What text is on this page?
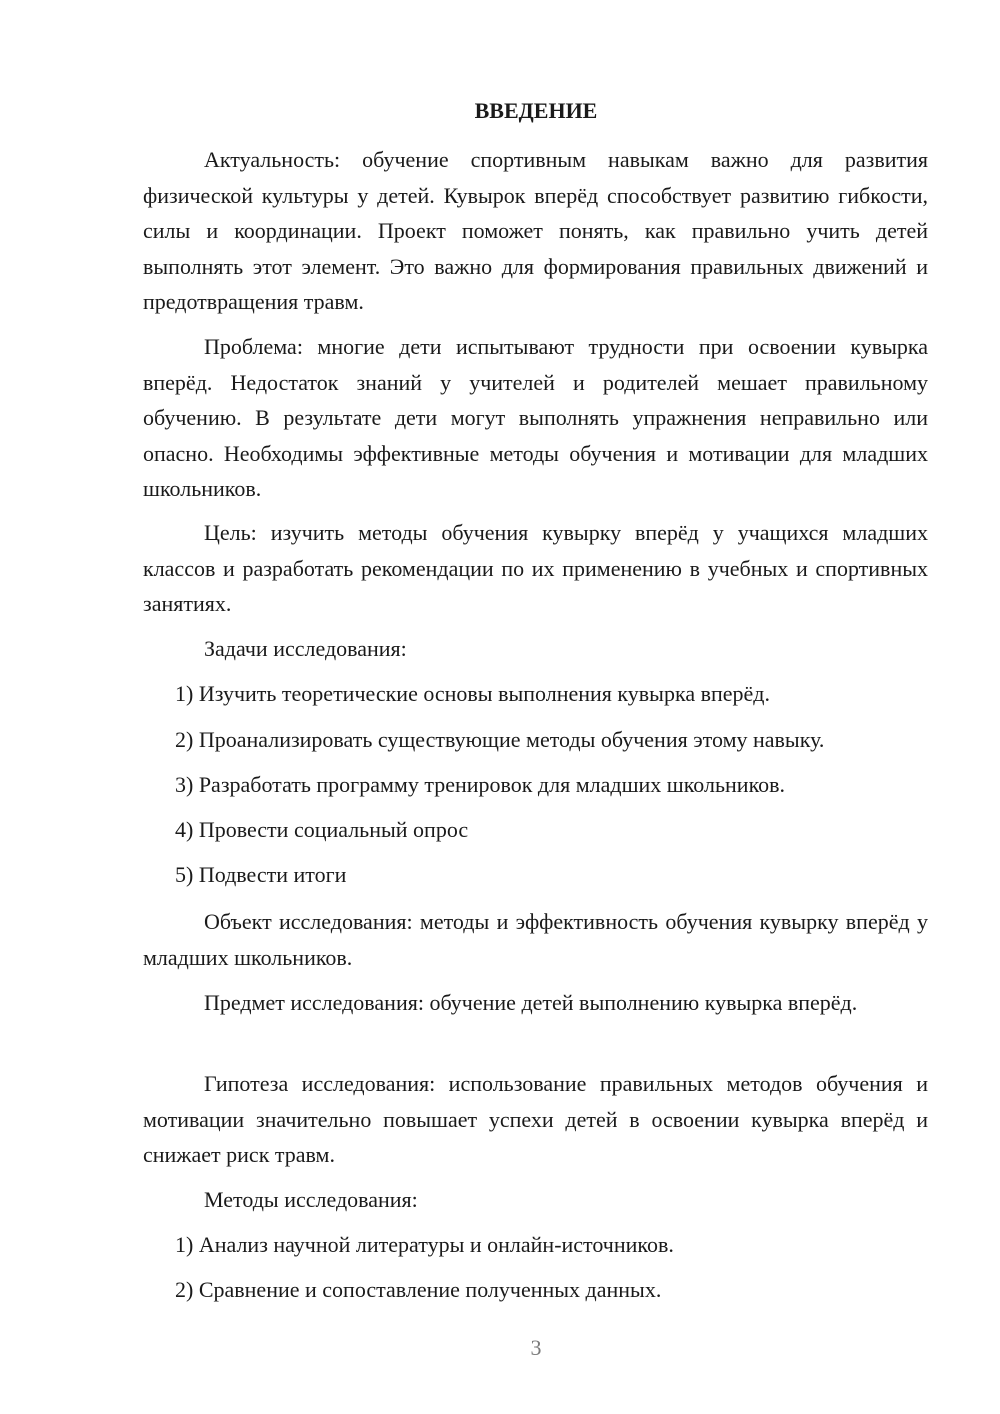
ВВЕДЕНИЕ

Актуальность: обучение спортивным навыкам важно для развития физической культуры у детей. Кувырок вперёд способствует развитию гибкости, силы и координации. Проект поможет понять, как правильно учить детей выполнять этот элемент. Это важно для формирования правильных движений и предотвращения травм.

Проблема: многие дети испытывают трудности при освоении кувырка вперёд. Недостаток знаний у учителей и родителей мешает правильному обучению. В результате дети могут выполнять упражнения неправильно или опасно. Необходимы эффективные методы обучения и мотивации для младших школьников.

Цель: изучить методы обучения кувырку вперёд у учащихся младших классов и разработать рекомендации по их применению в учебных и спортивных занятиях.

Задачи исследования:

1) Изучить теоретические основы выполнения кувырка вперёд.

2) Проанализировать существующие методы обучения этому навыку.

3) Разработать программу тренировок для младших школьников.

4) Провести социальный опрос

5) Подвести итоги

Объект исследования: методы и эффективность обучения кувырку вперёд у младших школьников.

Предмет исследования: обучение детей выполнению кувырка вперёд.

Гипотеза исследования: использование правильных методов обучения и мотивации значительно повышает успехи детей в освоении кувырка вперёд и снижает риск травм.

Методы исследования:

1) Анализ научной литературы и онлайн-источников.

2) Сравнение и сопоставление полученных данных.

3
